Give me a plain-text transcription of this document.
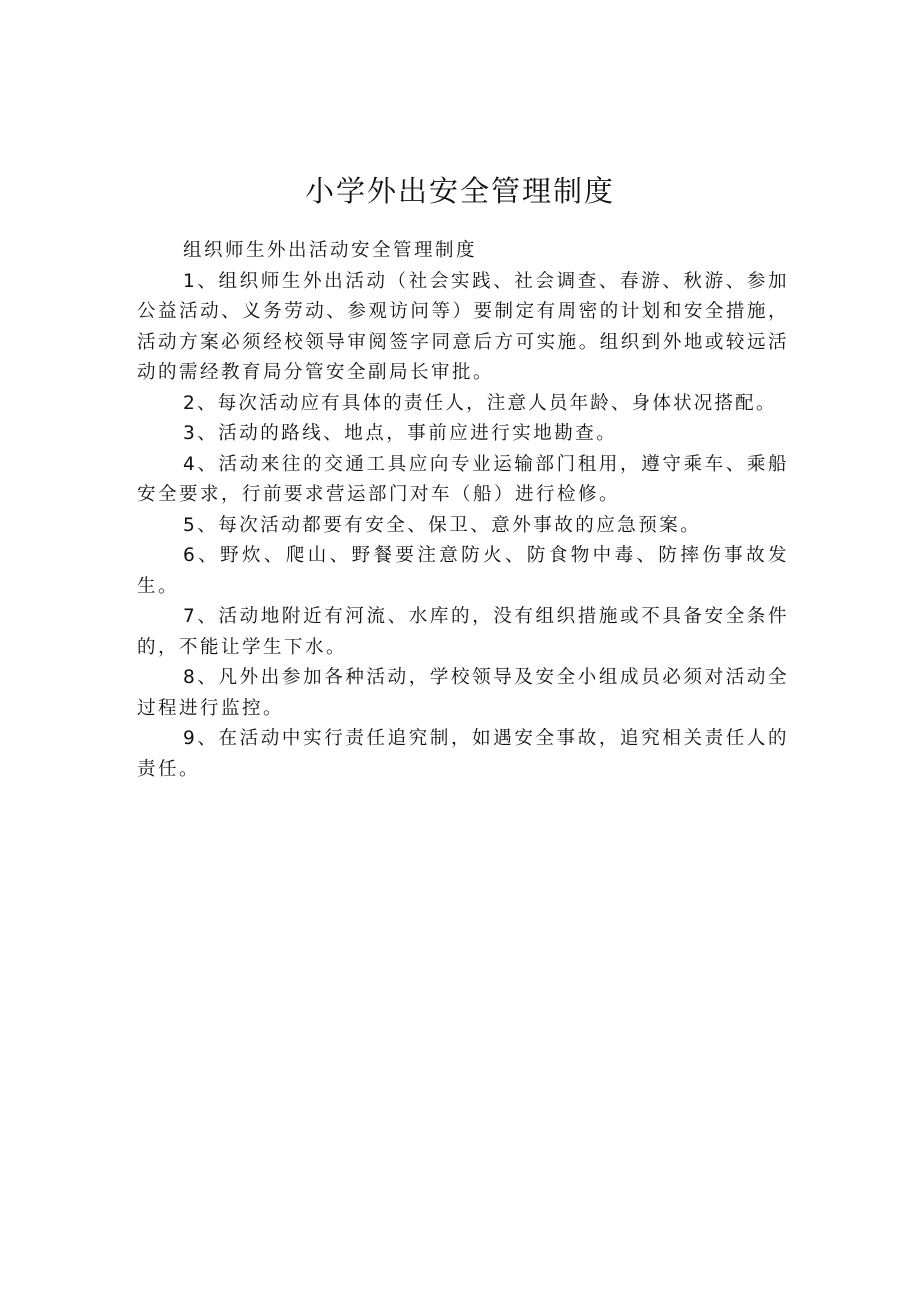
小学外出安全管理制度

组织师生外出活动安全管理制度

1、组织师生外出活动（社会实践、社会调查、春游、秋游、参加公益活动、义务劳动、参观访问等）要制定有周密的计划和安全措施，活动方案必须经校领导审阅签字同意后方可实施。组织到外地或较远活动的需经教育局分管安全副局长审批。

2、每次活动应有具体的责任人，注意人员年龄、身体状况搭配。

3、活动的路线、地点，事前应进行实地勘查。

4、活动来往的交通工具应向专业运输部门租用，遵守乘车、乘船安全要求，行前要求营运部门对车（船）进行检修。

5、每次活动都要有安全、保卫、意外事故的应急预案。

6、野炊、爬山、野餐要注意防火、防食物中毒、防摔伤事故发生。

7、活动地附近有河流、水库的，没有组织措施或不具备安全条件的，不能让学生下水。

8、凡外出参加各种活动，学校领导及安全小组成员必须对活动全过程进行监控。

9、在活动中实行责任追究制，如遇安全事故，追究相关责任人的责任。
